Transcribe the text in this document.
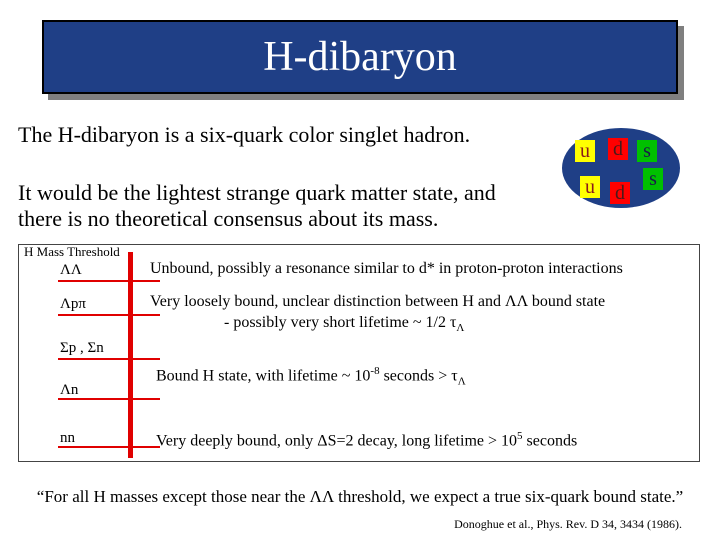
H-dibaryon
The H-dibaryon is a six-quark color singlet hadron.
It would be the lightest strange quark matter state, and
there is no theoretical consensus about its mass.
u d	s
u d
s
H Mass Threshold
ΛΛ
Λpπ
Σp , Σn
Λn
nn
Unbound, possibly a resonance similar to d* in proton-proton interactions
Very loosely bound, unclear distinction between H and ΛΛ bound state
- possibly very short lifetime ~ 1/2 $\tau_\Lambda$
Bound H state, with lifetime ~ $10^{-8}$ seconds > $\tau_\Lambda$
Very deeply bound, only ΔS=2 decay, long lifetime > $10^5$ seconds
“For all H masses except those near the ΛΛ threshold, we expect a true six-quark bound state.”
Donoghue et al., Phys. Rev. D 34, 3434 (1986).
